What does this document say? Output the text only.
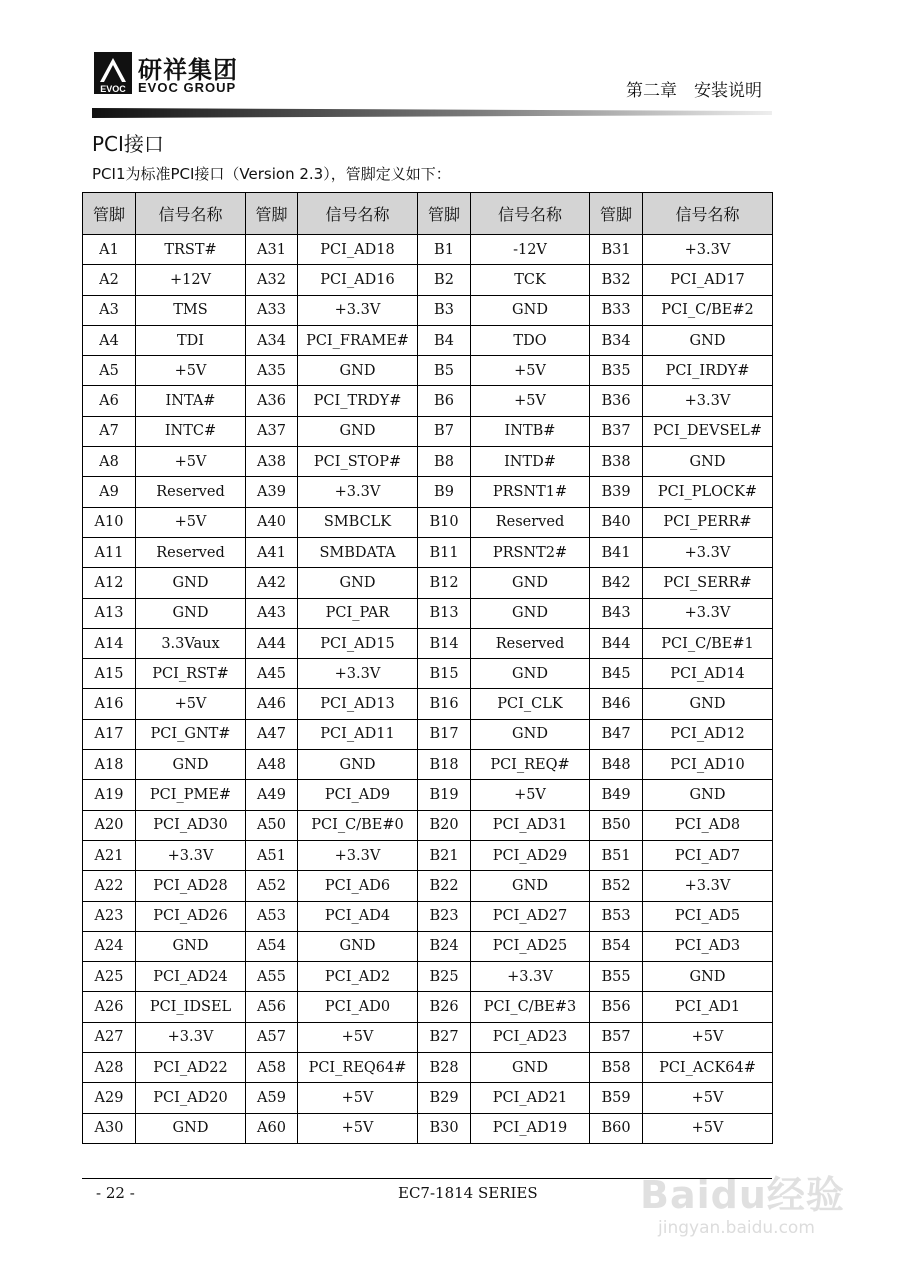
EVOC
研祥集团
EVOC GROUP	第二章　安装说明
PCI接口
PCI1为标准PCI接口（Version 2.3），管脚定义如下：
管脚	信号名称	管脚	信号名称	管脚	信号名称	管脚	信号名称
A1	TRST#	A31	PCI_AD18	B1	-12V	B31	+3.3V
A2	+12V	A32	PCI_AD16	B2	TCK	B32	PCI_AD17
A3	TMS	A33	+3.3V	B3	GND	B33	PCI_C/BE#2
A4	TDI	A34	PCI_FRAME#	B4	TDO	B34	GND
A5	+5V	A35	GND	B5	+5V	B35	PCI_IRDY#
A6	INTA#	A36	PCI_TRDY#	B6	+5V	B36	+3.3V
A7	INTC#	A37	GND	B7	INTB#	B37	PCI_DEVSEL#
A8	+5V	A38	PCI_STOP#	B8	INTD#	B38	GND
A9	Reserved	A39	+3.3V	B9	PRSNT1#	B39	PCI_PLOCK#
A10	+5V	A40	SMBCLK	B10	Reserved	B40	PCI_PERR#
A11	Reserved	A41	SMBDATA	B11	PRSNT2#	B41	+3.3V
A12	GND	A42	GND	B12	GND	B42	PCI_SERR#
A13	GND	A43	PCI_PAR	B13	GND	B43	+3.3V
A14	3.3Vaux	A44	PCI_AD15	B14	Reserved	B44	PCI_C/BE#1
A15	PCI_RST#	A45	+3.3V	B15	GND	B45	PCI_AD14
A16	+5V	A46	PCI_AD13	B16	PCI_CLK	B46	GND
A17	PCI_GNT#	A47	PCI_AD11	B17	GND	B47	PCI_AD12
A18	GND	A48	GND	B18	PCI_REQ#	B48	PCI_AD10
A19	PCI_PME#	A49	PCI_AD9	B19	+5V	B49	GND
A20	PCI_AD30	A50	PCI_C/BE#0	B20	PCI_AD31	B50	PCI_AD8
A21	+3.3V	A51	+3.3V	B21	PCI_AD29	B51	PCI_AD7
A22	PCI_AD28	A52	PCI_AD6	B22	GND	B52	+3.3V
A23	PCI_AD26	A53	PCI_AD4	B23	PCI_AD27	B53	PCI_AD5
A24	GND	A54	GND	B24	PCI_AD25	B54	PCI_AD3
A25	PCI_AD24	A55	PCI_AD2	B25	+3.3V	B55	GND
A26	PCI_IDSEL	A56	PCI_AD0	B26	PCI_C/BE#3	B56	PCI_AD1
A27	+3.3V	A57	+5V	B27	PCI_AD23	B57	+5V
A28	PCI_AD22	A58	PCI_REQ64#	B28	GND	B58	PCI_ACK64#
A29	PCI_AD20	A59	+5V	B29	PCI_AD21	B59	+5V
A30	GND	A60	+5V	B30	PCI_AD19	B60	+5V
- 22 -	EC7-1814 SERIES	Baidu经验
jingyan.baidu.com
